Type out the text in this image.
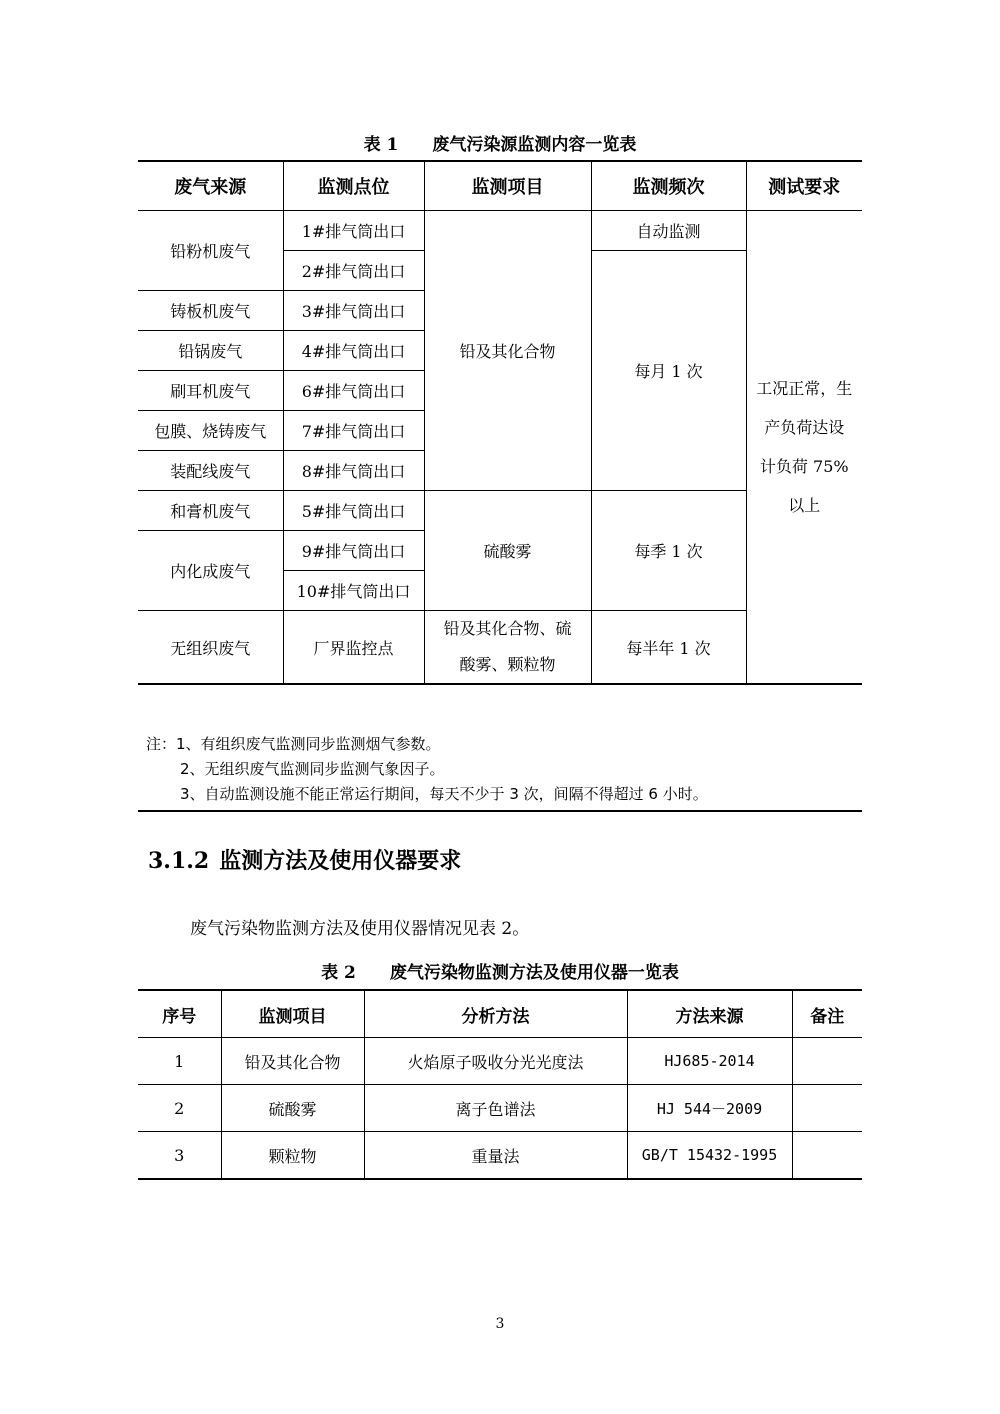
表 1 废气污染源监测内容一览表
废气来源	监测点位	监测项目	监测频次	测试要求
铅粉机废气	1#排气筒出口	铅及其化合物	自动监测	工况正常，生
产负荷达设
计负荷 75%
以上

	2#排气筒出口		每月 1 次	
铸板机废气	3#排气筒出口			
铅锅废气	4#排气筒出口			
刷耳机废气	6#排气筒出口			
包膜、烧铸废气	7#排气筒出口			
装配线废气	8#排气筒出口			
和膏机废气	5#排气筒出口			
		硫酸雾	每季 1 次	
内化成废气	9#排气筒出口			
	10#排气筒出口			
无组织废气	厂界监控点	铅及其化合物、硫
酸雾、颗粒物	每半年 1 次	

注：1、有组织废气监测同步监测烟气参数。
2、无组织废气监测同步监测气象因子。
3、自动监测设施不能正常运行期间，每天不少于 3 次，间隔不得超过 6 小时。
3.1.2 监测方法及使用仪器要求
废气污染物监测方法及使用仪器情况见表 2。
表 2 废气污染物监测方法及使用仪器一览表
序号	监测项目	分析方法	方法来源	备注
1	铅及其化合物	火焰原子吸收分光光度法	HJ685-2014	
2	硫酸雾	离子色谱法	HJ 544－2009	
3	颗粒物	重量法	GB/T 15432-1995	
3
